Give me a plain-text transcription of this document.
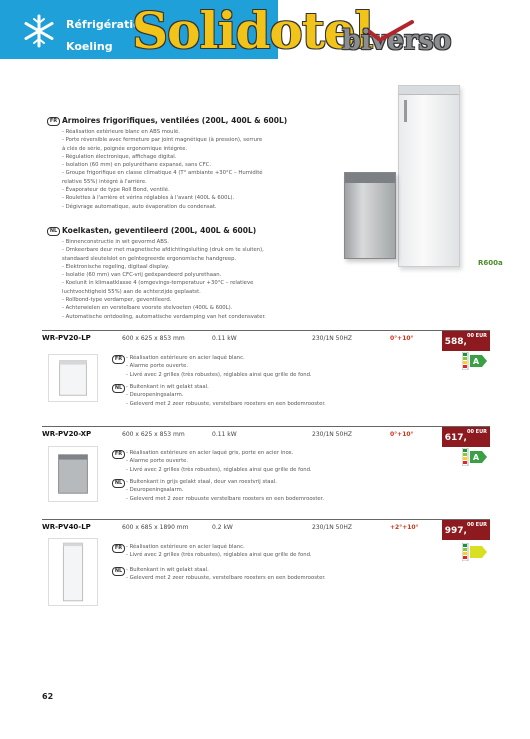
Réfrigération
Koeling Solidotel
biverso
FR Armoires frigorifiques, ventilées (200L, 400L & 600L)
- Réalisation extérieure blanc en ABS moulé.
- Porte réversible avec fermeture par joint magnétique (à pression), serrure
à clés de série, poignée ergonomique intégrée.
- Régulation électronique, affichage digital.
- Isolation (60 mm) en polyuréthane expansé, sans CFC.
- Groupe frigorifique en classe climatique 4 (T° ambiante +30°C – Humidité
relative 55%) intégré à l'arrière.
- Évaporateur de type Roll Bond, ventilé.
- Roulettes à l'arrière et vérins réglables à l'avant (400L & 600L).
- Dégivrage automatique, auto évaporation du condensat.
NL Koelkasten, geventileerd (200L, 400L & 600L)
- Binnenconstructie in wit gevormd ABS.
- Omkeerbare deur met magnetische afdichtingsluiting (druk om te sluiten),
standaard sleutelslot en geïntegreerde ergonomische handgreep.
- Elektronische regeling, digitaal display.
- Isolatie (60 mm) van CFC-vrij geëxpandeerd polyurethaan.
- Koelunit in klimaatklasse 4 (omgevings-temperatuur +30°C – relatieve
luchtvochtigheid 55%) aan de achterzijde geplaatst.
- Rollbond-type verdamper, geventileerd.
- Achterwielen en verstelbare voorste stelvoeten (400L & 600L).
- Automatische ontdooiing, automatische verdamping van het condensvater.
R600a
WR-PV20-LP	600 x 625 x 853 mm	0.11 kW	230/1N 50HZ	0°+10°	588,$^{00 EUR}$
FR - Réalisation extérieure en acier laqué blanc.
- Alarme porte ouverte.
- Livré avec 2 grilles (très robustes), réglables ainsi que grille de fond.
NL - Buitenkant in wit gelakt staal.
- Deuropeningsalarm.
- Geleverd met 2 zeer robuuste, verstelbare roosters en een bodemrooster.
A
WR-PV20-XP	600 x 625 x 853 mm	0.11 kW	230/1N 50HZ	0°+10°	617,$^{00 EUR}$
FR - Réalisation extérieure en acier laqué gris, porte en acier inox.
- Alarme porte ouverte.
- Livré avec 2 grilles (très robustes), réglables ainsi que grille de fond.
NL - Buitenkant in grijs gelakt staal, deur van roestvrij staal.
- Deuropeningsalarm.
- Geleverd met 2 zeer robuuste verstelbare roosters en een bodemrooster.
A
WR-PV40-LP	600 x 685 x 1890 mm	0.2 kW	230/1N 50HZ	+2°+10°	997,$^{00 EUR}$
FR - Réalisation extérieure en acier laqué blanc.
- Livré avec 2 grilles (très robustes), réglables ainsi que grille de fond.
NL - Buitenkant in wit gelakt staal.
- Geleverd met 2 zeer robuuste, verstelbare roosters en een bodemrooster.
62
